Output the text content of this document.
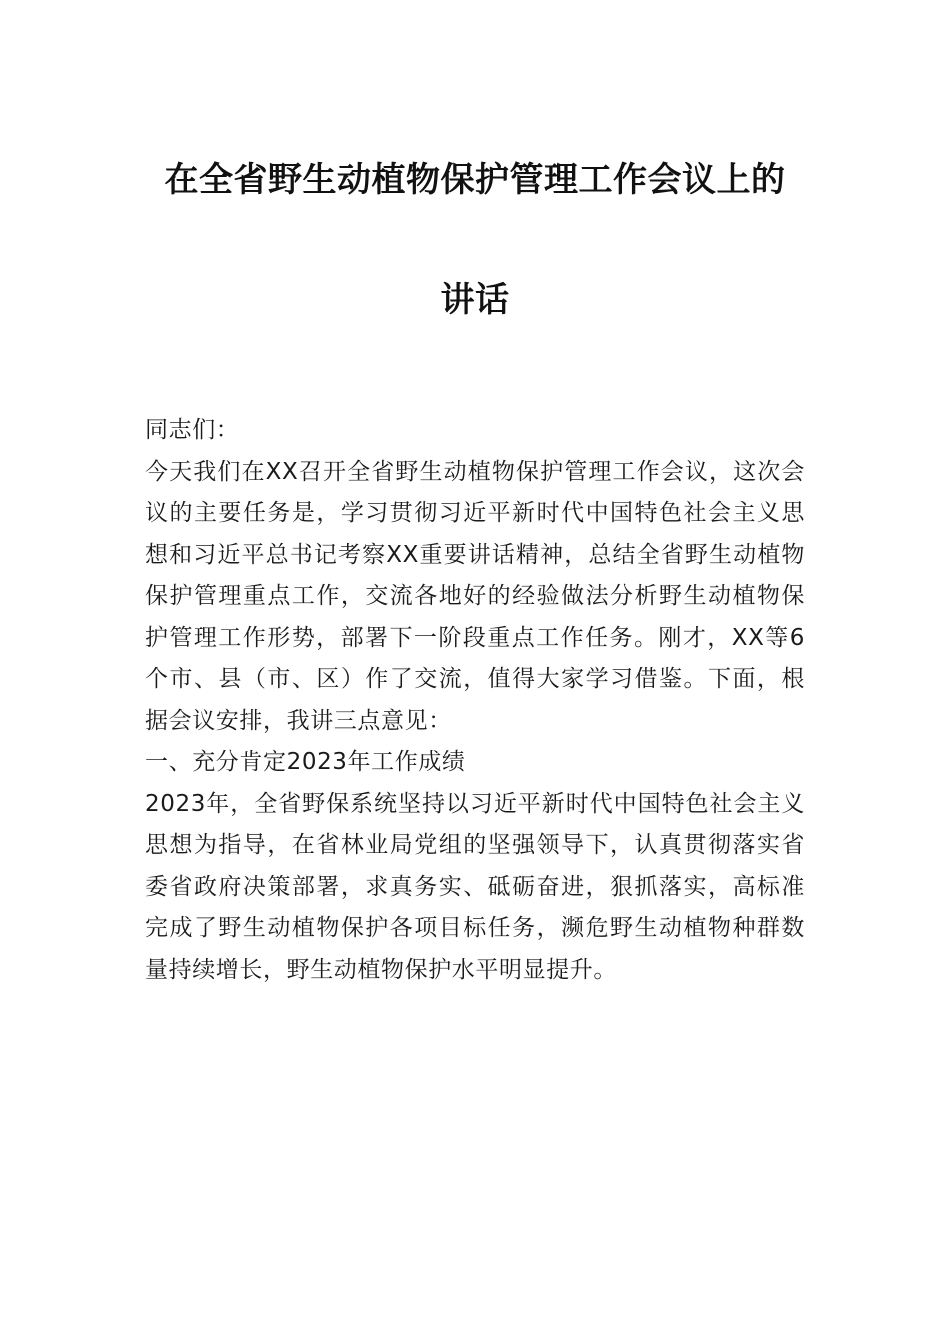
在全省野生动植物保护管理工作会议上的
讲话

同志们：

今天我们在XX召开全省野生动植物保护管理工作会议，这次会议的主要任务是，学习贯彻习近平新时代中国特色社会主义思想和习近平总书记考察XX重要讲话精神，总结全省野生动植物保护管理重点工作，交流各地好的经验做法分析野生动植物保护管理工作形势，部署下一阶段重点工作任务。刚才，XX等6个市、县（市、区）作了交流，值得大家学习借鉴。下面，根据会议安排，我讲三点意见：

一、充分肯定2023年工作成绩

2023年，全省野保系统坚持以习近平新时代中国特色社会主义思想为指导，在省林业局党组的坚强领导下，认真贯彻落实省委省政府决策部署，求真务实、砥砺奋进，狠抓落实，高标准完成了野生动植物保护各项目标任务，濒危野生动植物种群数量持续增长，野生动植物保护水平明显提升。
